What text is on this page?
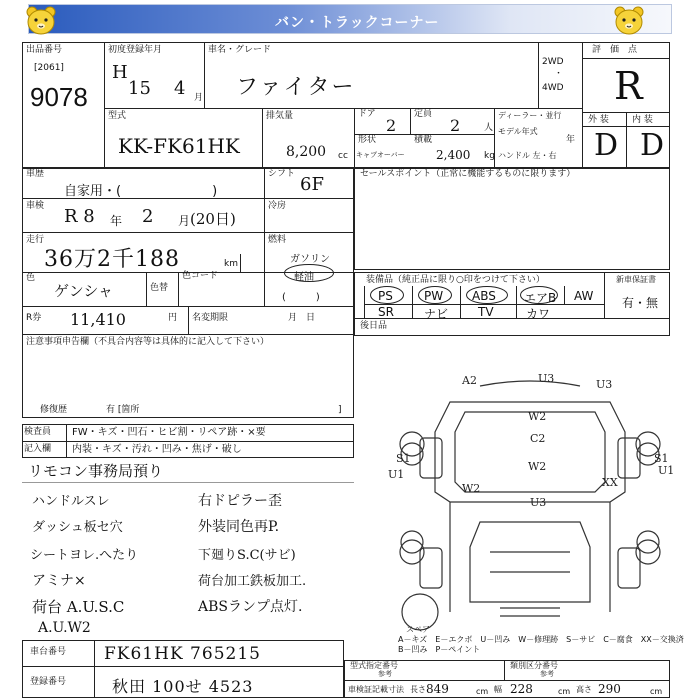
バン・トラックコーナー
出品番号
[2061]
9078
初度登録年月
H
15 4 月
車名・グレード
ファイター
2WD
・
4WD
評　価　点
R
外 装	内 装
D D
型式
KK-FK61HK
排気量
8,200 cc
ドア
2
定員
2	人
ディーラー・並行
形状
キャブオーバー
積載
2,400 kg
モデル年式
年
ハンドル 左・右
車歴
自家用・(　　　　　　　)
シフト 6F
車検 R 8 年 2 月 (20日)
冷房
走行
36万2千188	km
燃料
ガソリン
軽油
(　　　)
色
ゲンシャ	色替
色コード
R券 11,410	円 名変期限	月　日
注意事項申告欄（不具合内容等は具体的に記入して下さい）
修復歴	有 [箇所	]
セールスポイント（正常に機能するものに限ります）
装備品（純正品に限り○印をつけて下さい）
PS	PW ABS エアB AW
SR	ナビ TV	カワ
新車保証書
有・無
後日品
検査員 FW・キズ・凹石・ヒビ割・リペア跡・×要
記入欄 内装・キズ・汚れ・凹み・焦げ・破し
リモコン事務局預り
ハンドルスレ
ダッシュ板セ穴
シートヨレ.へたり
アミナ×
荷台 A.U.S.C
A.U.W2
右ドピラー歪
外装同色再P.
下廻りS.C(サビ)
荷台加工鉄板加工.
ABSランプ点灯.
A2	U3	U3
W2
C2
S1
U1
W2
U3
XX
S1
U1
W2
スペア
A－キズ　E－エクボ　U－凹み　W－修理跡　S－サビ　C－腐食　XX－交換済
B－凹み　P－ペイント
車台番号 FK61HK 765215
登録番号	秋田 100せ 4523
型式指定番号
参考
類別区分番号
参考
車検証記載寸法 長さ 849	cm 幅 228	cm 高さ 290	cm
